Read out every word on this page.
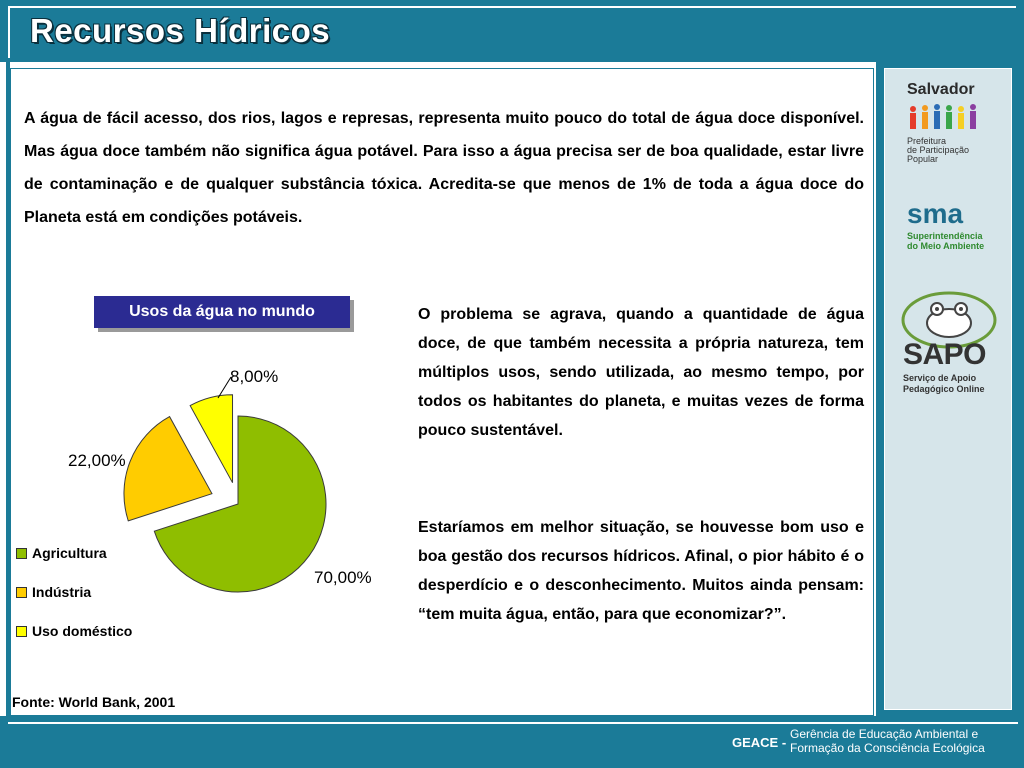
Recursos Hídricos

A água de fácil acesso, dos rios, lagos e represas, representa muito pouco do total de água doce disponível. Mas água doce também não significa água potável. Para isso a água precisa ser de boa qualidade, estar livre de contaminação e de qualquer substância tóxica. Acredita-se que menos de 1% de toda a água doce do Planeta está em condições potáveis.

Usos da água no mundo
70,00%
22,00%
8,00%
Agricultura
Indústria
Uso doméstico
Fonte: World Bank, 2001

O problema se agrava, quando a quantidade de água doce, de que também necessita a própria natureza, tem múltiplos usos, sendo utilizada, ao mesmo tempo, por todos os habitantes do planeta, e muitas vezes de forma pouco sustentável.

Estaríamos em melhor situação, se houvesse bom uso e boa gestão dos recursos hídricos. Afinal, o pior hábito é o desperdício e o desconhecimento. Muitos ainda pensam: “tem muita água, então, para que economizar?”.

Salvador
Prefeitura
de Participação
Popular
sma
Superintendência
do Meio Ambiente
SAPO
Serviço de Apoio
Pedagógico Online
GEACE -
Gerência de Educação Ambiental e
Formação da Consciência Ecológica
